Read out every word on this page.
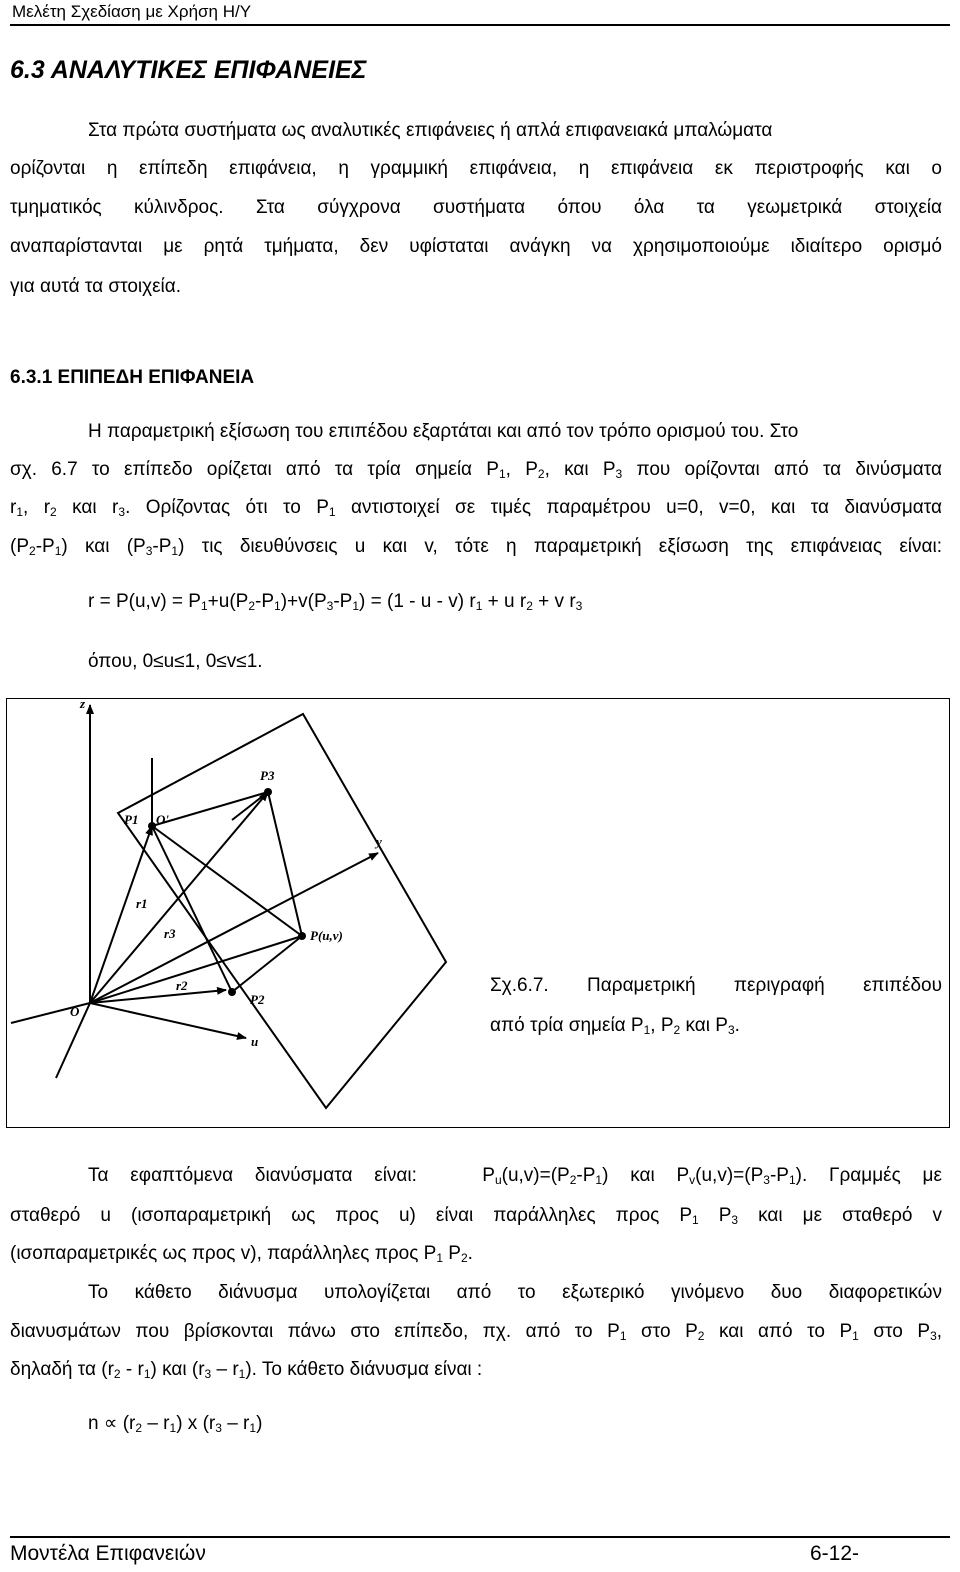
Μελέτη Σχεδίαση με Χρήση Η/Υ
6.3 ΑΝΑΛΥΤΙΚΕΣ ΕΠΙΦΑΝΕΙΕΣ
Στα πρώτα συστήματα ως αναλυτικές επιφάνειες ή απλά επιφανειακά μπαλώματα
ορίζονται η επίπεδη επιφάνεια, η γραμμική επιφάνεια, η επιφάνεια εκ περιστροφής και ο
τμηματικός κύλινδρος. Στα σύγχρονα συστήματα όπου όλα τα γεωμετρικά στοιχεία
αναπαρίστανται με ρητά τμήματα, δεν υφίσταται ανάγκη να χρησιμοποιούμε ιδιαίτερο ορισμό
για αυτά τα στοιχεία.
6.3.1 ΕΠΙΠΕΔΗ ΕΠΙΦΑΝΕΙΑ
Η παραμετρική εξίσωση του επιπέδου εξαρτάται και από τον τρόπο ορισμού του. Στο
σχ. 6.7 το επίπεδο ορίζεται από τα τρία σημεία $P_1$, $P_2$, και $P_3$ που ορίζονται από τα δινύσματα
$r_1$, $r_2$ και $r_3$. Ορίζοντας ότι το $P_1$ αντιστοιχεί σε τιμές παραμέτρου u=0, v=0, και τα διανύσματα
$(P_2-P_1)$ και $(P_3-P_1)$ τις διευθύνσεις u και v, τότε η παραμετρική εξίσωση της επιφάνειας είναι:
$r = P(u,v) = P_1+u(P_2-P_1)+v(P_3-P_1) = (1 - u - v) r_1 + u$ $r_2 + v$ $r_3$
όπου, 0≤u≤1, 0≤v≤1.
z
y
u
P1
P2
P3
O
O'
r1
r2
r3	P(u,v)
Σχ.6.7. Παραμετρική περιγραφή επιπέδου
από τρία σημεία $P_1$, $P_2$ και $P_3$.
Τα εφαπτόμενα διανύσματα είναι:	$P_u(u,v)=(P_2-P_1)$ και $P_v(u,v)=(P_3-P_1)$. Γραμμές με
σταθερό u (ισοπαραμετρική ως προς u) είναι παράλληλες προς $P_1$ $P_3$ και με σταθερό v
(ισοπαραμετρικές ως προς v), παράλληλες προς $P_1$ $P_2$.
Το κάθετο διάνυσμα υπολογίζεται από το εξωτερικό γινόμενο δυο διαφορετικών
διανυσμάτων που βρίσκονται πάνω στο επίπεδο, πχ. από το $P_1$ στο $P_2$ και από το $P_1$ στο $P_3$,
δηλαδή τα $(r_2 - r_1)$ και $(r_3 - r_1)$. Το κάθετο διάνυσμα είναι :
$n \propto (r_2 - r_1)$ x $(r_3 - r_1)$
Μοντέλα Επιφανειών	6-12-
